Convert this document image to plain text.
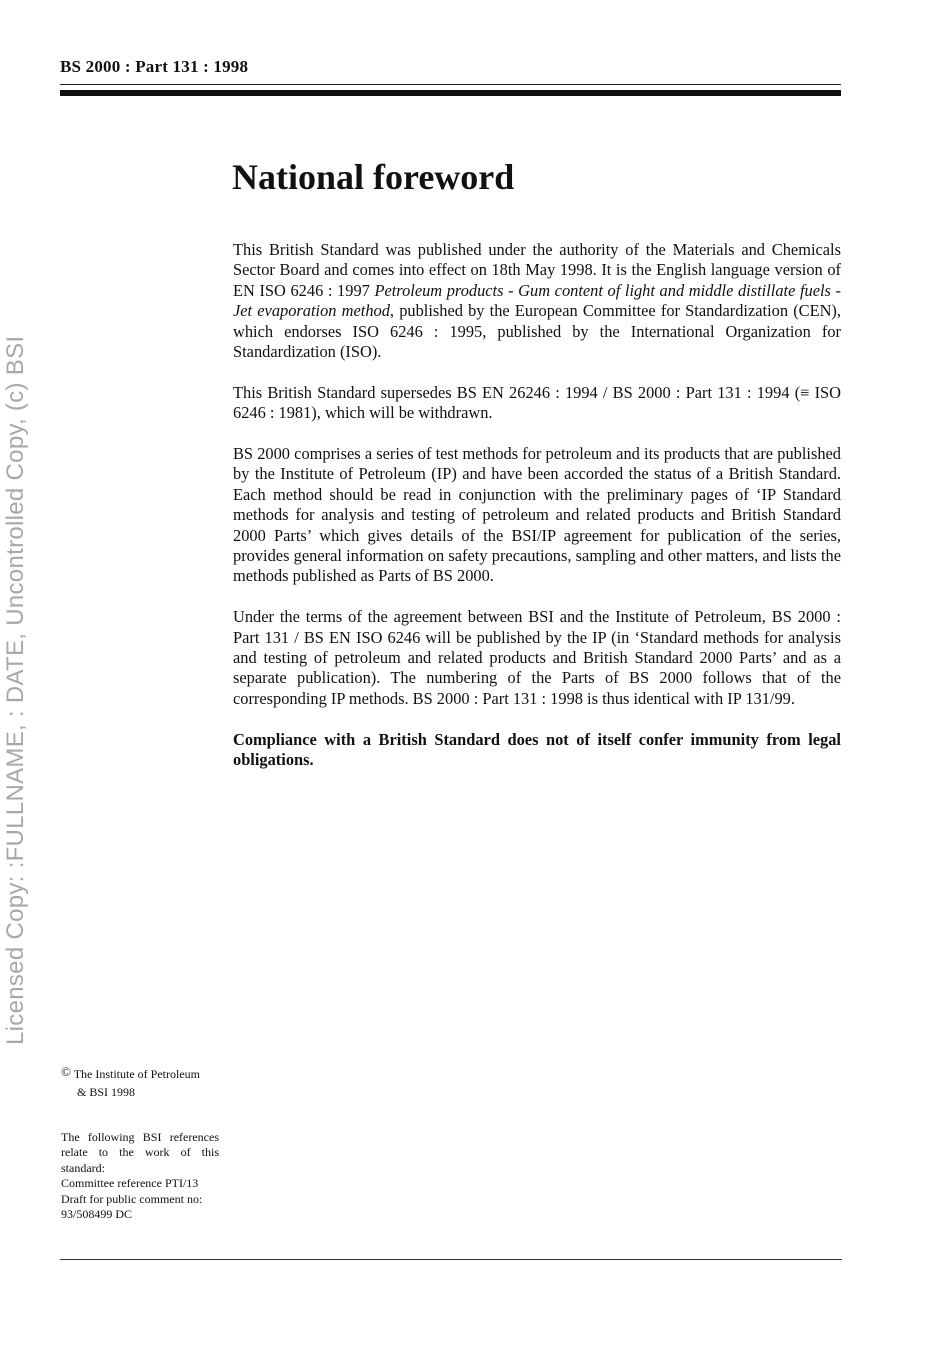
BS 2000 : Part 131 : 1998
Licensed Copy: :FULLNAME, : DATE, Uncontrolled Copy, (c) BSI
National foreword

This British Standard was published under the authority of the Materials and Chemicals Sector Board and comes into effect on 18th May 1998. It is the English language version of EN ISO 6246 : 1997 Petroleum products - Gum content of light and middle distillate fuels - Jet evaporation method, published by the European Committee for Standardization (CEN), which endorses ISO 6246 : 1995, published by the International Organization for Standardization (ISO).

This British Standard supersedes BS EN 26246 : 1994 / BS 2000 : Part 131 : 1994 (≡ ISO 6246 : 1981), which will be withdrawn.

BS 2000 comprises a series of test methods for petroleum and its products that are published by the Institute of Petroleum (IP) and have been accorded the status of a British Standard. Each method should be read in conjunction with the preliminary pages of ‘IP Standard methods for analysis and testing of petroleum and related products and British Standard 2000 Parts’ which gives details of the BSI/IP agreement for publication of the series, provides general information on safety precautions, sampling and other matters, and lists the methods published as Parts of BS 2000.

Under the terms of the agreement between BSI and the Institute of Petroleum, BS 2000 : Part 131 / BS EN ISO 6246 will be published by the IP (in ‘Standard methods for analysis and testing of petroleum and related products and British Standard 2000 Parts’ and as a separate publication). The numbering of the Parts of BS 2000 follows that of the corresponding IP methods. BS 2000 : Part 131 : 1998 is thus identical with IP 131/99.

Compliance with a British Standard does not of itself confer immunity from legal obligations.

© The Institute of Petroleum
& BSI 1998

The following BSI references relate to the work of this standard:

Committee reference PTI/13
Draft for public comment no:
93/508499 DC
